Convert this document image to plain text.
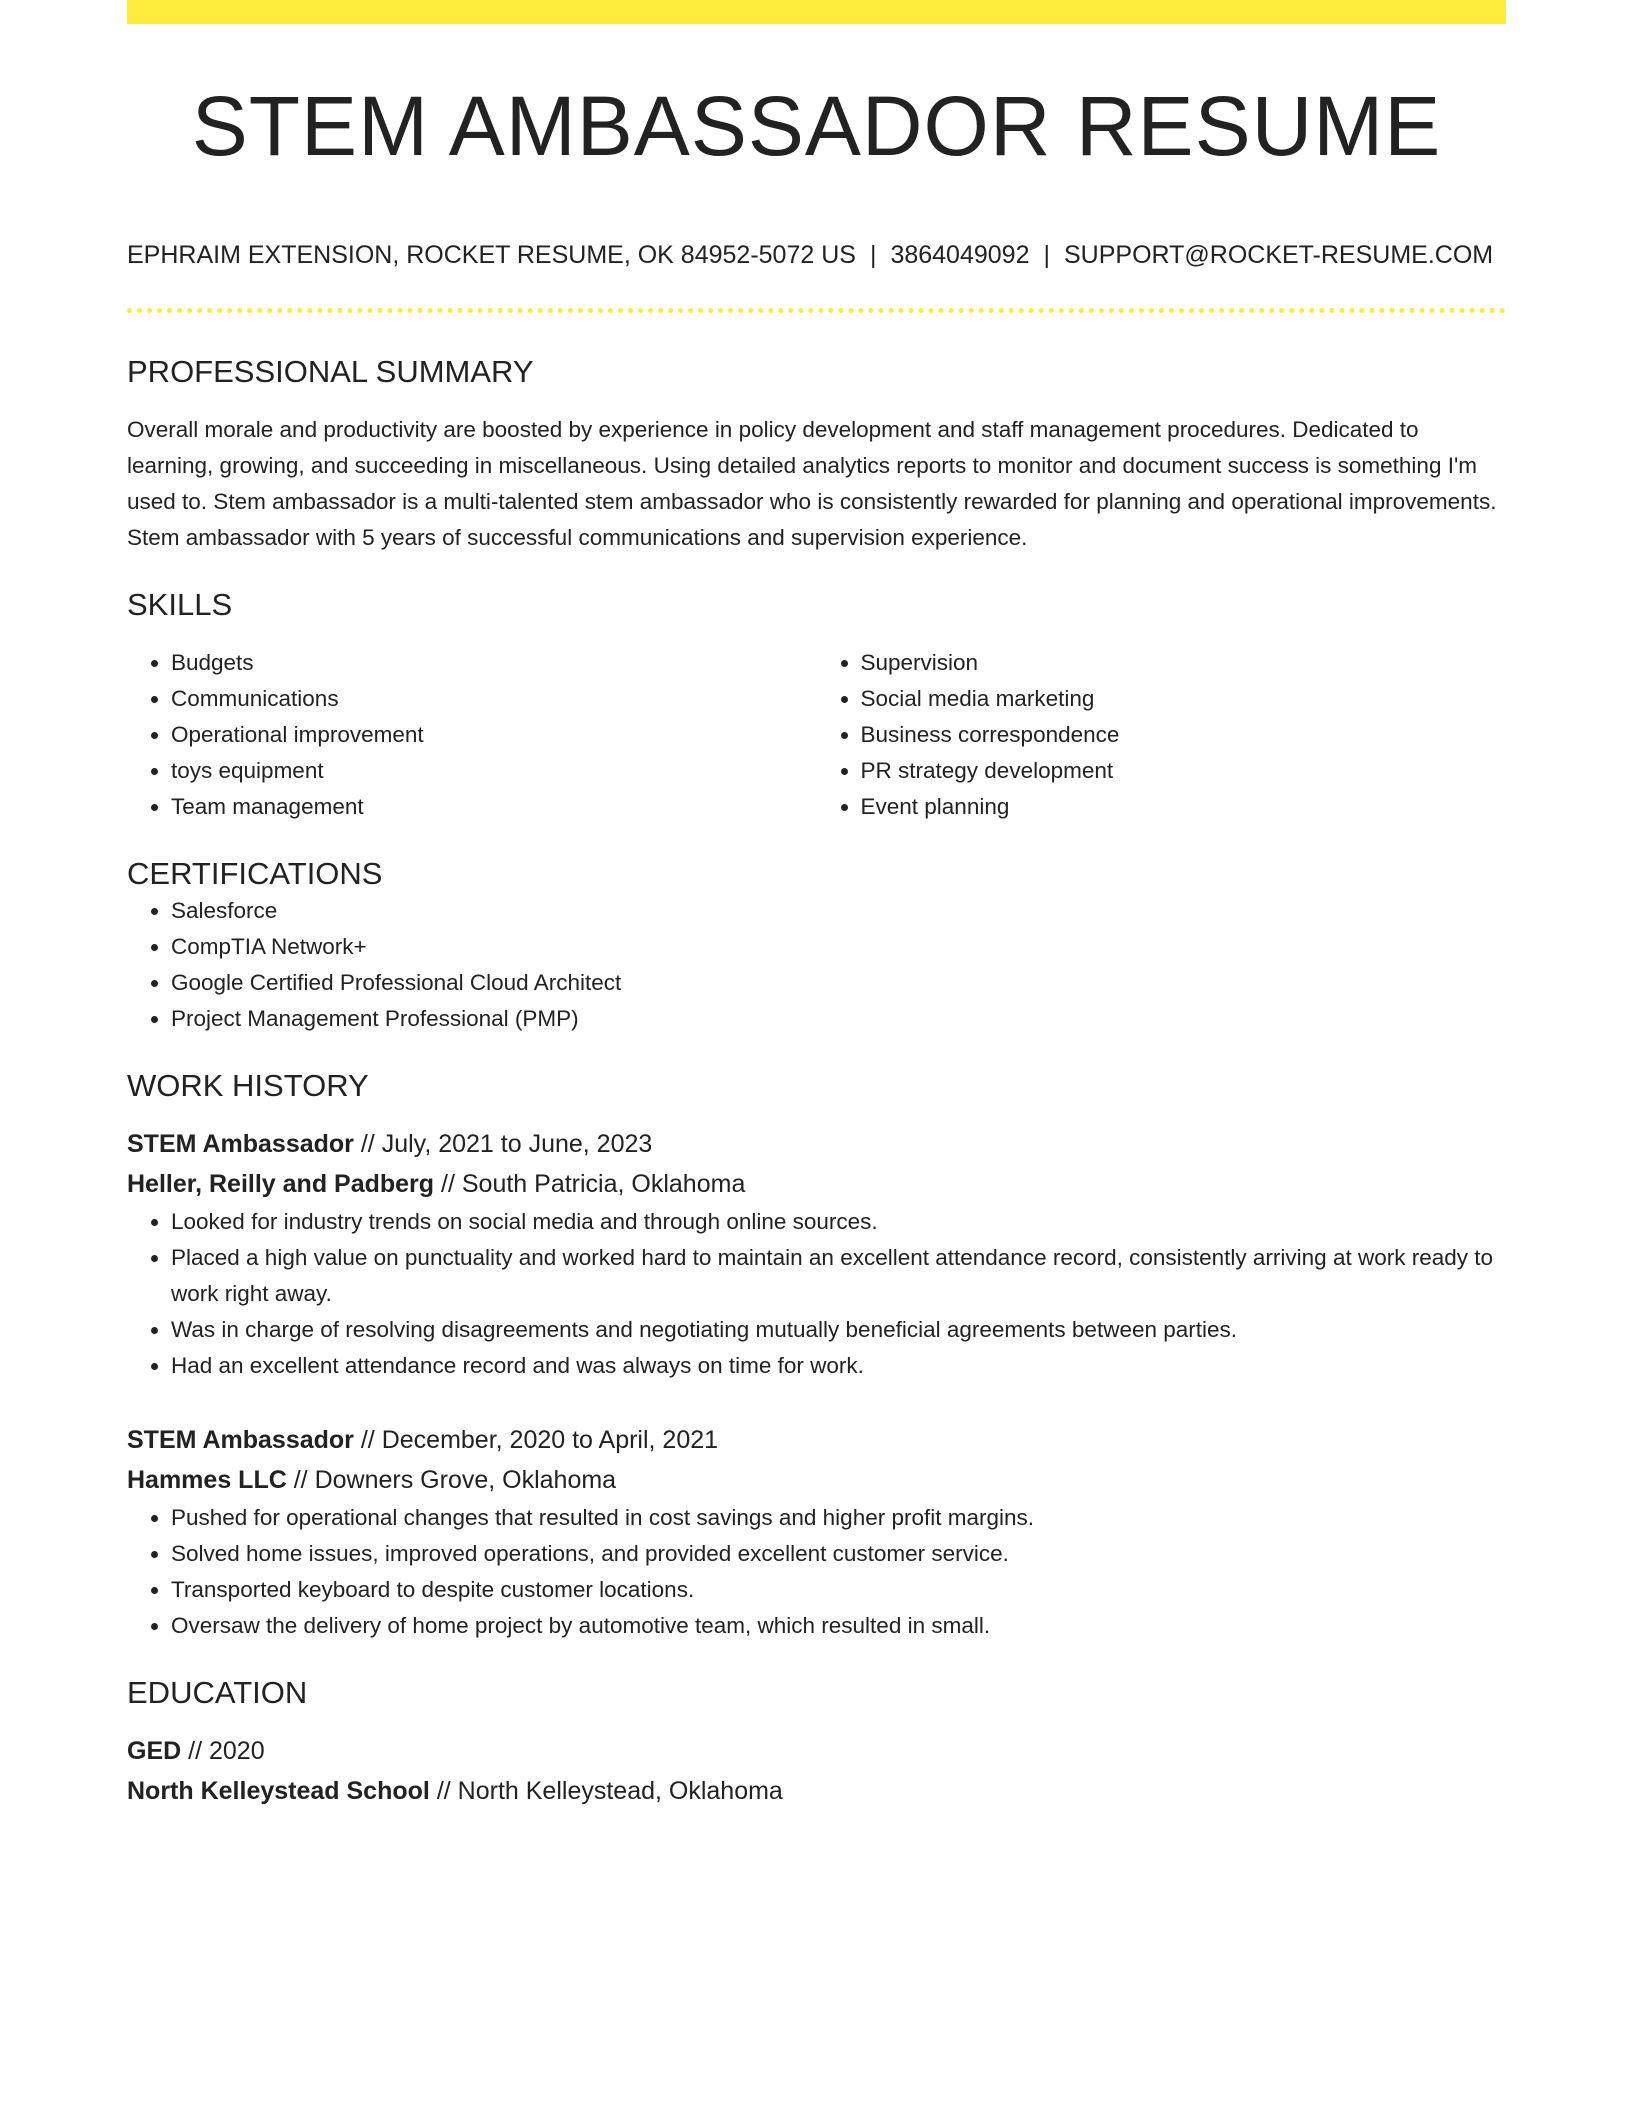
STEM AMBASSADOR RESUME
EPHRAIM EXTENSION, ROCKET RESUME, OK 84952-5072 US | 3864049092 | SUPPORT@ROCKET-RESUME.COM
PROFESSIONAL SUMMARY

Overall morale and productivity are boosted by experience in policy development and staff management procedures. Dedicated to learning, growing, and succeeding in miscellaneous. Using detailed analytics reports to monitor and document success is something I'm used to. Stem ambassador is a multi-talented stem ambassador who is consistently rewarded for planning and operational improvements. Stem ambassador with 5 years of successful communications and supervision experience.

SKILLS
• Budgets
• Communications
• Operational improvement
• toys equipment
• Team management
• Supervision
• Social media marketing
• Business correspondence
• PR strategy development
• Event planning
CERTIFICATIONS
• Salesforce
• CompTIA Network+
• Google Certified Professional Cloud Architect
• Project Management Professional (PMP)
WORK HISTORY
STEM Ambassador // July, 2021 to June, 2023
Heller, Reilly and Padberg // South Patricia, Oklahoma
• Looked for industry trends on social media and through online sources.
• Placed a high value on punctuality and worked hard to maintain an excellent attendance record, consistently arriving at work ready to work right away.
• Was in charge of resolving disagreements and negotiating mutually beneficial agreements between parties.
• Had an excellent attendance record and was always on time for work.
STEM Ambassador // December, 2020 to April, 2021
Hammes LLC // Downers Grove, Oklahoma
• Pushed for operational changes that resulted in cost savings and higher profit margins.
• Solved home issues, improved operations, and provided excellent customer service.
• Transported keyboard to despite customer locations.
• Oversaw the delivery of home project by automotive team, which resulted in small.
EDUCATION
GED // 2020
North Kelleystead School // North Kelleystead, Oklahoma
